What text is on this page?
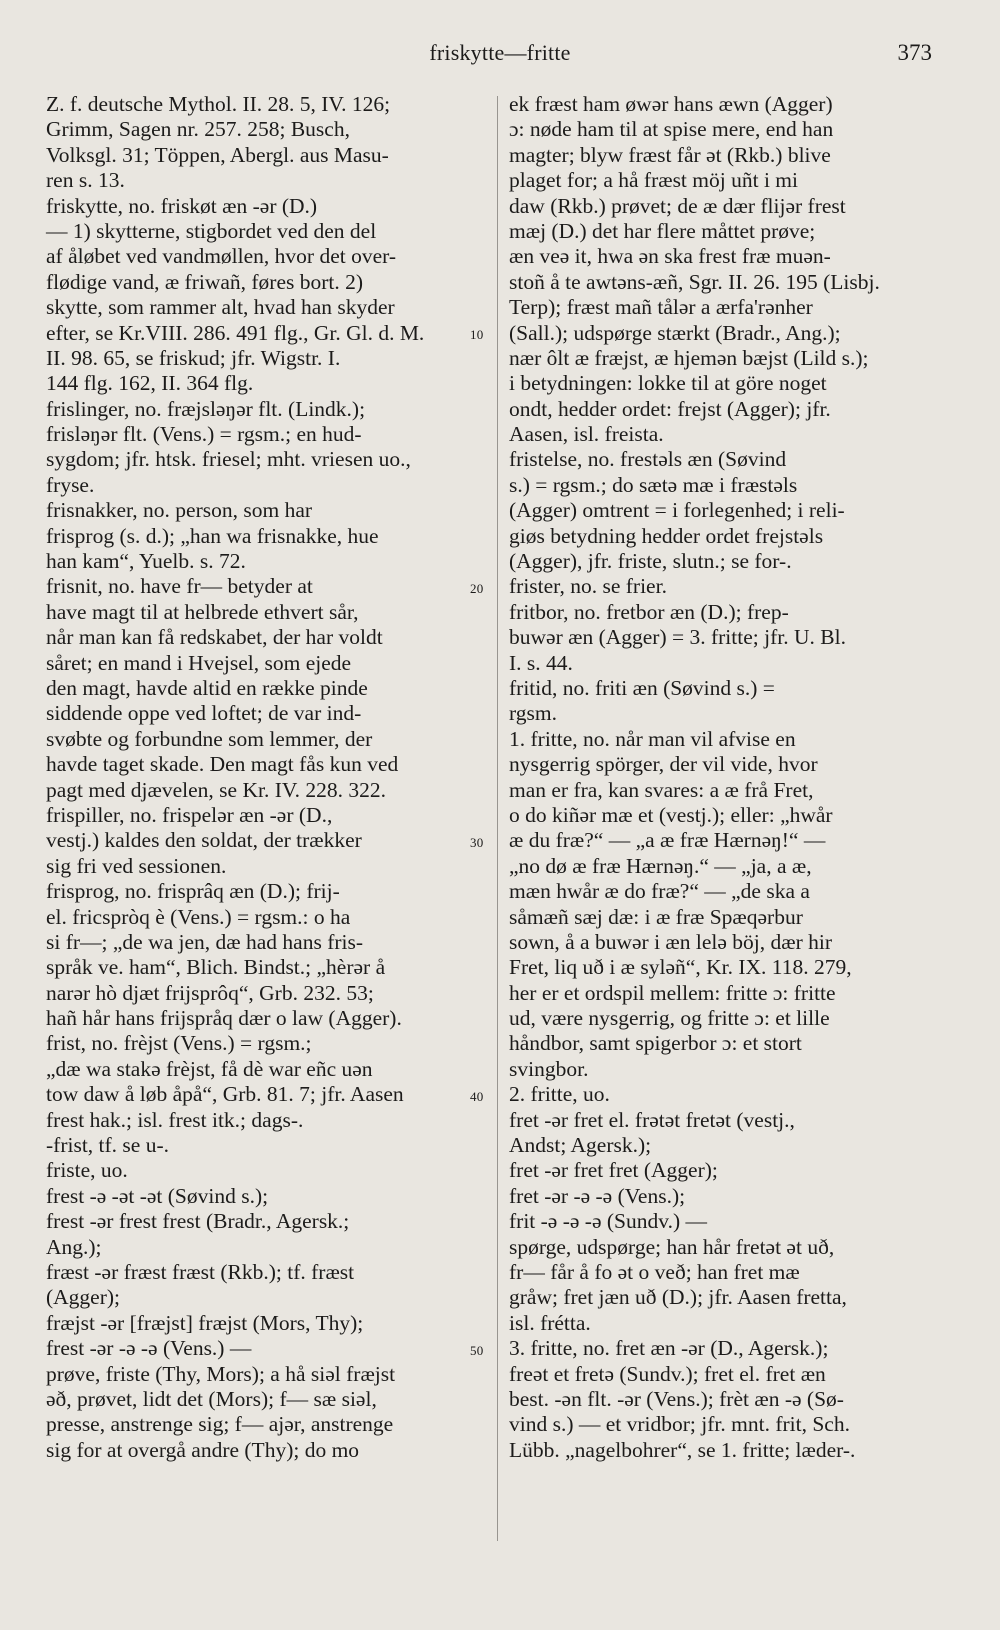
friskytte—fritte	373
Z. f. deutsche Mythol. II. 28. 5, IV. 126;
Grimm, Sagen nr. 257. 258; Busch,
Volksgl. 31; Töppen, Abergl. aus Masu-
ren s. 13.
friskytte, no. friskøt æn -ər (D.)
— 1) skytterne, stigbordet ved den del
af åløbet ved vandmøllen, hvor det over-
flødige vand, æ friwañ, føres bort. 2)
skytte, som rammer alt, hvad han skyder
efter, se Kr.VIII. 286. 491 flg., Gr. Gl. d. M.
II. 98. 65, se friskud; jfr. Wigstr. I.
144 flg. 162, II. 364 flg.
frislinger, no. fræjsləŋər flt. (Lindk.);
frisləŋər flt. (Vens.) = rgsm.; en hud-
sygdom; jfr. htsk. friesel; mht. vriesen uo.,
fryse.
frisnakker, no. person, som har
frisprog (s. d.); „han wa frisnakke, hue
han kam“, Yuelb. s. 72.
frisnit, no. have fr— betyder at
have magt til at helbrede ethvert sår,
når man kan få redskabet, der har voldt
såret; en mand i Hvejsel, som ejede
den magt, havde altid en række pinde
siddende oppe ved loftet; de var ind-
svøbte og forbundne som lemmer, der
havde taget skade. Den magt fås kun ved
pagt med djævelen, se Kr. IV. 228. 322.
frispiller, no. frispelər æn -ər (D.,
vestj.) kaldes den soldat, der trækker
sig fri ved sessionen.
frisprog, no. frisprâq æn (D.); frij-
el. fricspròq è (Vens.) = rgsm.: o ha
si fr—; „de wa jen, dæ had hans fris-
språk ve. ham“, Blich. Bindst.; „hèrər å
narər hò djæt frijsprôq“, Grb. 232. 53;
hañ hår hans frijspråq dær o law (Agger).
frist, no. frèjst (Vens.) = rgsm.;
„dæ wa stakə frèjst, få dè war eñc uən
tow daw å løb åpå“, Grb. 81. 7; jfr. Aasen
frest hak.; isl. frest itk.; dags-.
-frist, tf. se u-.
friste, uo.
frest -ə -ət -ət (Søvind s.);
frest -ər frest frest (Bradr., Agersk.;
Ang.);
fræst -ər fræst fræst (Rkb.); tf. fræst
(Agger);
fræjst -ər [fræjst] fræjst (Mors, Thy);
frest -ər -ə -ə (Vens.) —
prøve, friste (Thy, Mors); a hå siəl fræjst
əð, prøvet, lidt det (Mors); f— sæ siəl,
presse, anstrenge sig; f— ajər, anstrenge
sig for at overgå andre (Thy); do mo
ek fræst ham øwər hans æwn (Agger)
ɔ: nøde ham til at spise mere, end han
magter; blyw fræst får ət (Rkb.) blive
plaget for; a hå fræst möj uñt i mi
daw (Rkb.) prøvet; de æ dær flijər frest
mæj (D.) det har flere måttet prøve;
æn veə it, hwa ən ska frest fræ muən-
stoñ å te awtəns-æñ, Sgr. II. 26. 195 (Lisbj.
Terp); fræst mañ tålər a ærfa'rənher
(Sall.); udspørge stærkt (Bradr., Ang.);
nær ôlt æ fræjst, æ hjemən bæjst (Lild s.);
i betydningen: lokke til at göre noget
ondt, hedder ordet: frejst (Agger); jfr.
Aasen, isl. freista.
fristelse, no. frestəls æn (Søvind
s.) = rgsm.; do sætə mæ i fræstəls
(Agger) omtrent = i forlegenhed; i reli-
giøs betydning hedder ordet frejstəls
(Agger), jfr. friste, slutn.; se for-.
frister, no. se frier.
fritbor, no. fretbor æn (D.); frep-
buwər æn (Agger) = 3. fritte; jfr. U. Bl.
I. s. 44.
fritid, no. friti æn (Søvind s.) =
rgsm.
1. fritte, no. når man vil afvise en
nysgerrig spörger, der vil vide, hvor
man er fra, kan svares: a æ frå Fret,
o do kiñər mæ et (vestj.); eller: „hwår
æ du fræ?“ — „a æ fræ Hærnəŋ!“ —
„no dø æ fræ Hærnəŋ.“ — „ja, a æ,
mæn hwår æ do fræ?“ — „de ska a
såmæñ sæj dæ: i æ fræ Spæqərbur
sown, å a buwər i æn lelə böj, dær hir
Fret, liq uð i æ syləñ“, Kr. IX. 118. 279,
her er et ordspil mellem: fritte ɔ: fritte
ud, være nysgerrig, og fritte ɔ: et lille
håndbor, samt spigerbor ɔ: et stort
svingbor.
2. fritte, uo.
fret -ər fret el. frətət fretət (vestj.,
Andst; Agersk.);
fret -ər fret fret (Agger);
fret -ər -ə -ə (Vens.);
frit -ə -ə -ə (Sundv.) —
spørge, udspørge; han hår fretət ət uð,
fr— får å fo ət o veð; han fret mæ
gråw; fret jæn uð (D.); jfr. Aasen fretta,
isl. frétta.
3. fritte, no. fret æn -ər (D., Agersk.);
freət et fretə (Sundv.); fret el. fret æn
best. -ən flt. -ər (Vens.); frèt æn -ə (Sø-
vind s.) — et vridbor; jfr. mnt. frit, Sch.
Lübb. „nagelbohrer“, se 1. fritte; læder-.
10
20
30
40
50
